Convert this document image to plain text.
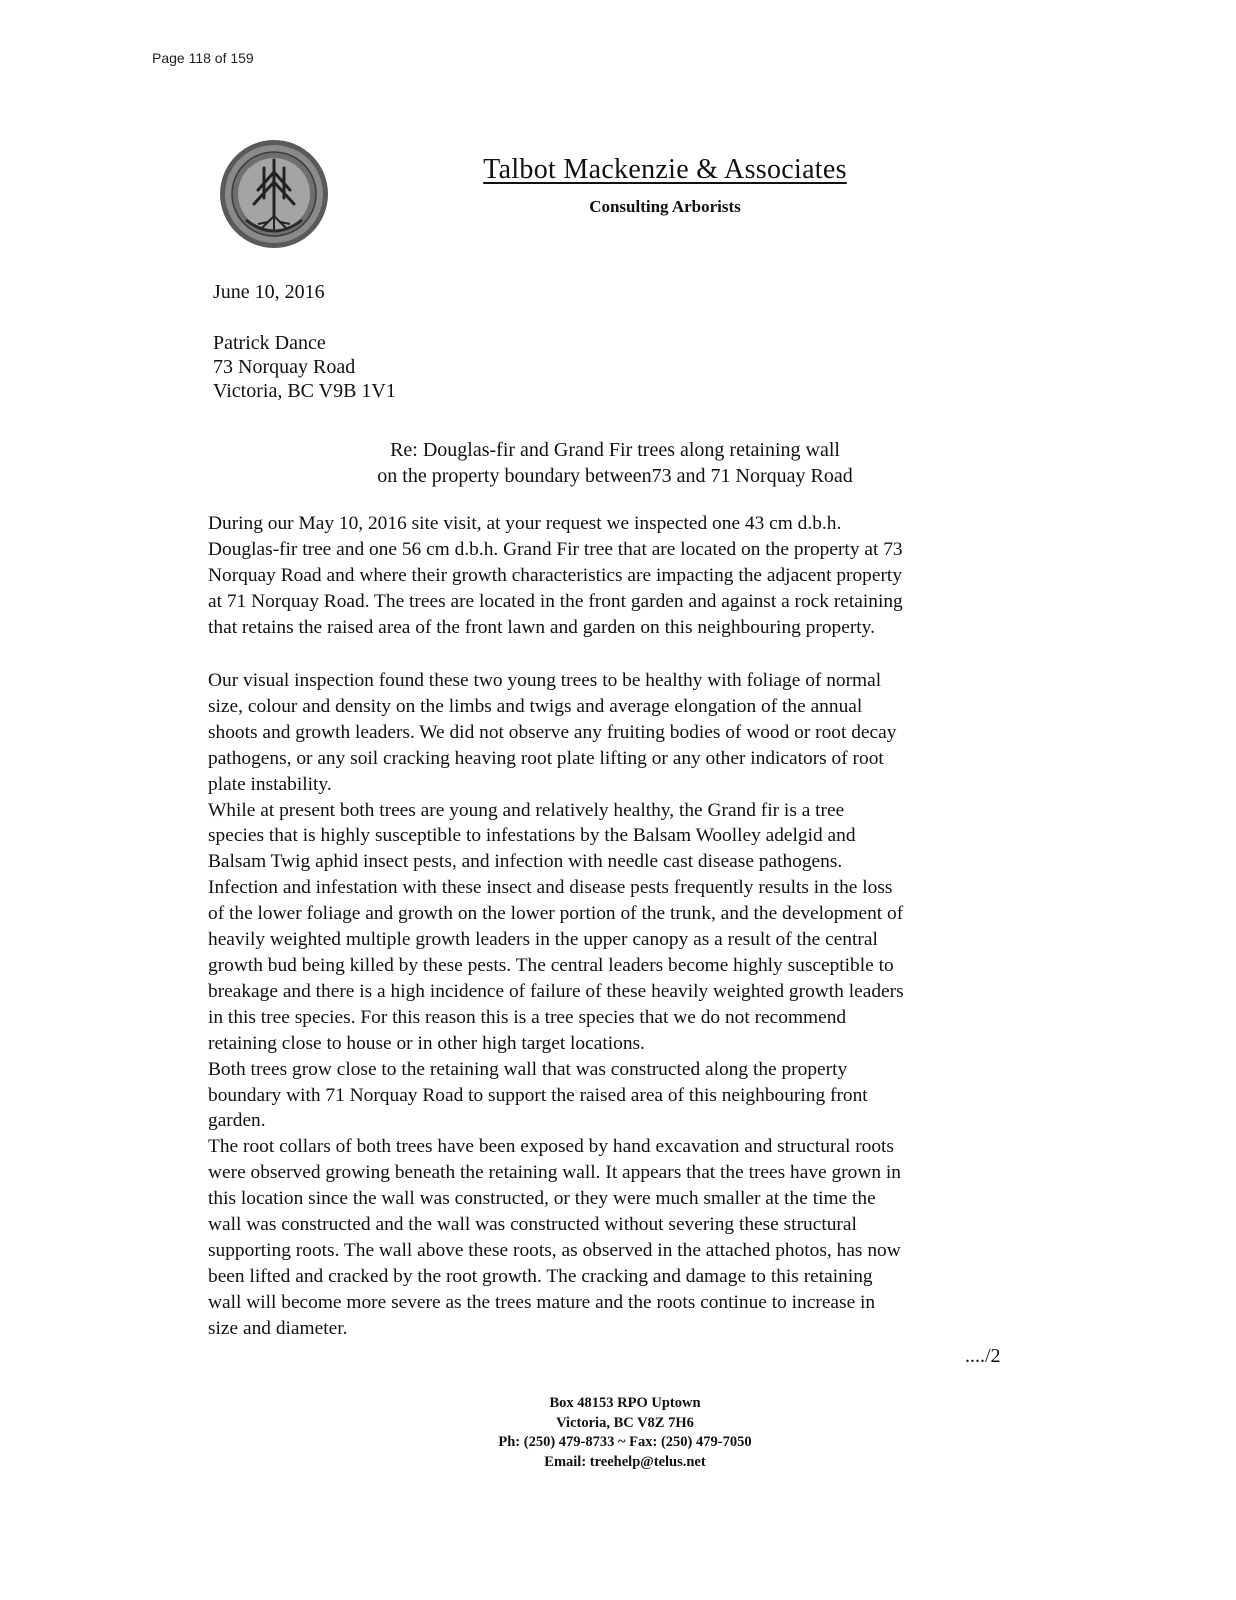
Page 118 of 159
Talbot Mackenzie & Associates
Consulting Arborists
June 10, 2016
Patrick Dance
73 Norquay Road
Victoria, BC V9B 1V1
Re: Douglas-fir and Grand Fir trees along retaining wall
on the property boundary between73 and 71 Norquay Road
During our May 10, 2016 site visit, at your request we inspected one 43 cm d.b.h.
Douglas-fir tree and one 56 cm d.b.h. Grand Fir tree that are located on the property at 73
Norquay Road and where their growth characteristics are impacting the adjacent property
at 71 Norquay Road. The trees are located in the front garden and against a rock retaining
that retains the raised area of the front lawn and garden on this neighbouring property.
Our visual inspection found these two young trees to be healthy with foliage of normal
size, colour and density on the limbs and twigs and average elongation of the annual
shoots and growth leaders. We did not observe any fruiting bodies of wood or root decay
pathogens, or any soil cracking heaving root plate lifting or any other indicators of root
plate instability.
While at present both trees are young and relatively healthy, the Grand fir is a tree
species that is highly susceptible to infestations by the Balsam Woolley adelgid and
Balsam Twig aphid insect pests, and infection with needle cast disease pathogens.
Infection and infestation with these insect and disease pests frequently results in the loss
of the lower foliage and growth on the lower portion of the trunk, and the development of
heavily weighted multiple growth leaders in the upper canopy as a result of the central
growth bud being killed by these pests. The central leaders become highly susceptible to
breakage and there is a high incidence of failure of these heavily weighted growth leaders
in this tree species. For this reason this is a tree species that we do not recommend
retaining close to house or in other high target locations.
Both trees grow close to the retaining wall that was constructed along the property
boundary with 71 Norquay Road to support the raised area of this neighbouring front
garden.
The root collars of both trees have been exposed by hand excavation and structural roots
were observed growing beneath the retaining wall. It appears that the trees have grown in
this location since the wall was constructed, or they were much smaller at the time the
wall was constructed and the wall was constructed without severing these structural
supporting roots. The wall above these roots, as observed in the attached photos, has now
been lifted and cracked by the root growth. The cracking and damage to this retaining
wall will become more severe as the trees mature and the roots continue to increase in
size and diameter.
..../2
Box 48153 RPO Uptown
Victoria, BC V8Z 7H6
Ph: (250) 479-8733 ~ Fax: (250) 479-7050
Email: treehelp@telus.net
